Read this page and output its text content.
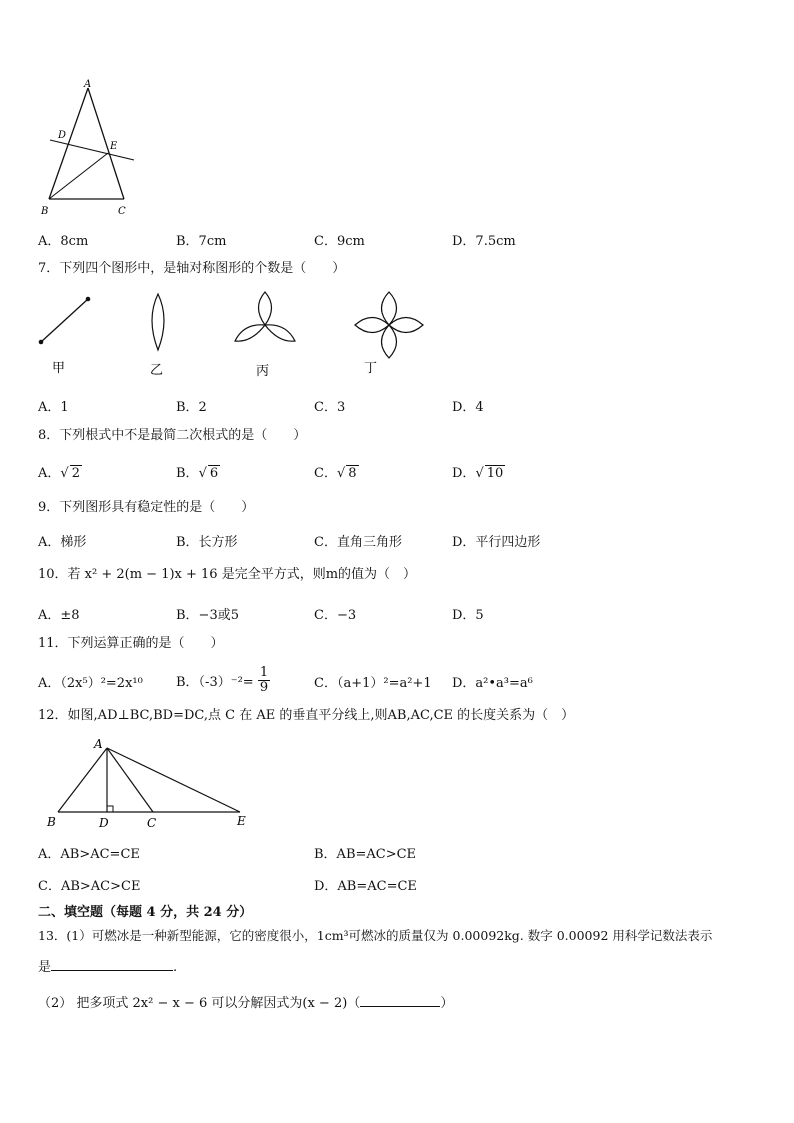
A
D
E
B	C
A．8cm	B．7cm	C．9cm	D．7.5cm
7．下列四个图形中，是轴对称图形的个数是（　　）
甲	乙	丙	丁
A．1	B．2	C．3	D．4
8．下列根式中不是最简二次根式的是（　　）
A．√ 2	B．√ 6	C．√ 8	D．√ 10
9．下列图形具有稳定性的是（　　）
A．梯形	B．长方形	C．直角三角形	D．平行四边形
10．若 x² + 2(m − 1)x + 16 是完全平方式，则m的值为（　）
A．±8	B．−3或5	C．−3	D．5
11．下列运算正确的是（　　）
A．（2x⁵）²=2x¹⁰	B．$(-3)^{-2}= \frac{1}{9}$	C．（a+1）²=a²+1 D．a²•a³=a⁶
12．如图,AD⊥BC,BD=DC,点 C 在 AE 的垂直平分线上,则AB,AC,CE 的长度关系为（　）
A
B	D	C	E
A．AB>AC=CE	B．AB=AC>CE
C．AB>AC>CE	D．AB=AC=CE
二、填空题（每题 4 分，共 24 分）
13．(1）可燃冰是一种新型能源，它的密度很小，1cm³可燃冰的质量仅为 0.00092kg. 数字 0.00092 用科学记数法表示
是	.
（2） 把多项式 2x² − x − 6 可以分解因式为(x − 2)（	）
